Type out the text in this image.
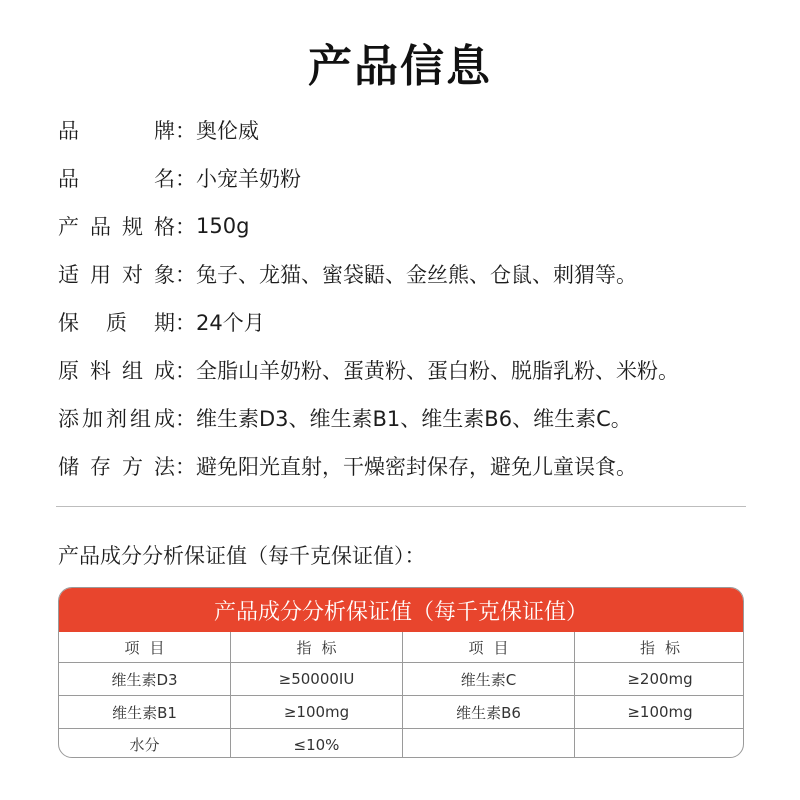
产品信息
品	牌 ： 奥伦威
品	名 ： 小宠羊奶粉
产 品 规 格 ： 150g
适 用 对 象 ： 兔子、龙猫、蜜袋鼯、金丝熊、仓鼠、刺猬等。
保 质 期 ： 24个月
原 料 组 成 ： 全脂山羊奶粉、蛋黄粉、蛋白粉、脱脂乳粉、米粉。
添 加 剂 组 成 ： 维生素D3、维生素B1、维生素B6、维生素C。
储 存 方 法 ： 避免阳光直射，干燥密封保存，避免儿童误食。
产品成分分析保证值（每千克保证值）：
产品成分分析保证值（每千克保证值）
项目	指标	项目	指标
维生素D3	≥50000IU	维生素C	≥200mg
维生素B1	≥100mg	维生素B6	≥100mg
水分	≤10%
